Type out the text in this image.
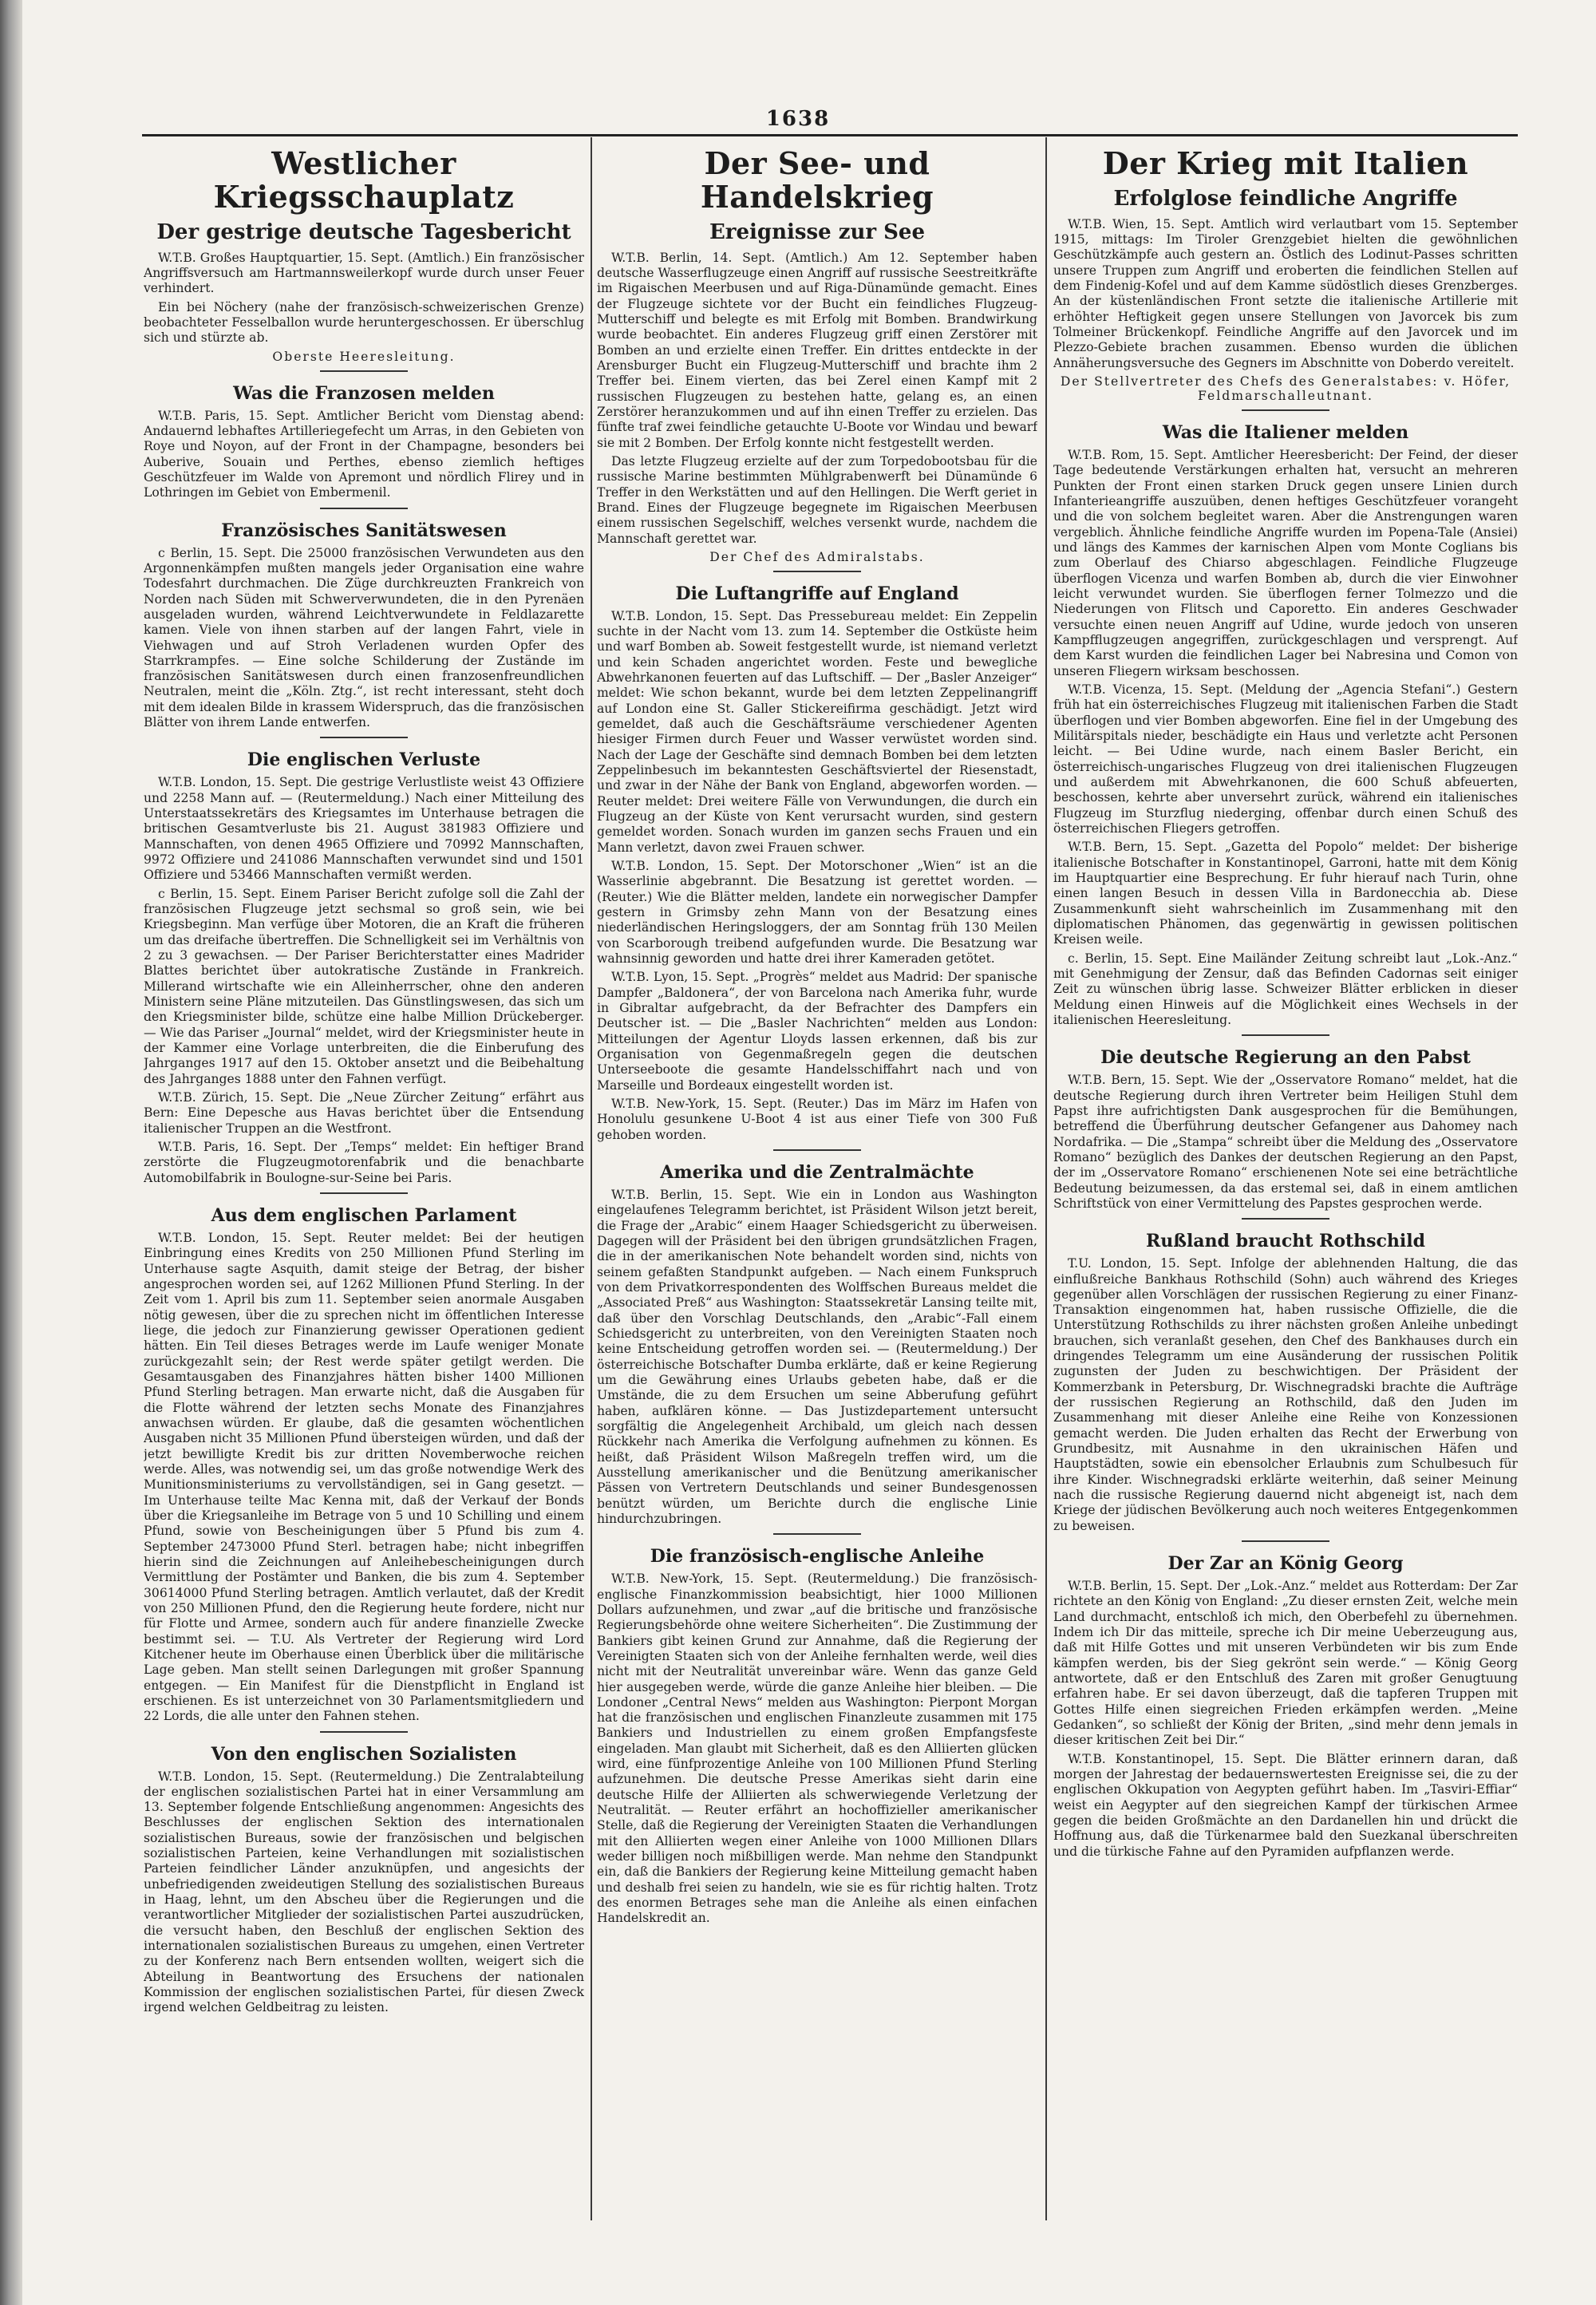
1638
Westlicher Kriegsschauplatz
Der gestrige deutsche Tagesbericht

W.T.B. Großes Hauptquartier, 15. Sept. (Amtlich.) Ein französischer Angriffsversuch am Hartmannsweilerkopf wurde durch unser Feuer verhindert.

Ein bei Nöchery (nahe der französisch-schweizerischen Grenze) beobachteter Fesselballon wurde heruntergeschossen. Er überschlug sich und stürzte ab.

Oberste Heeresleitung.
Was die Franzosen melden

W.T.B. Paris, 15. Sept. Amtlicher Bericht vom Dienstag abend: Andauernd lebhaftes Artilleriegefecht um Arras, in den Gebieten von Roye und Noyon, auf der Front in der Champagne, besonders bei Auberive, Souain und Perthes, ebenso ziemlich heftiges Geschützfeuer im Walde von Apremont und nördlich Flirey und in Lothringen im Gebiet von Embermenil.

Französisches Sanitätswesen

c Berlin, 15. Sept. Die 25000 französischen Verwundeten aus den Argonnenkämpfen mußten mangels jeder Organisation eine wahre Todesfahrt durchmachen. Die Züge durchkreuzten Frankreich von Norden nach Süden mit Schwerverwundeten, die in den Pyrenäen ausgeladen wurden, während Leichtverwundete in Feldlazarette kamen. Viele von ihnen starben auf der langen Fahrt, viele in Viehwagen und auf Stroh Verladenen wurden Opfer des Starrkrampfes. — Eine solche Schilderung der Zustände im französischen Sanitätswesen durch einen franzosenfreundlichen Neutralen, meint die „Köln. Ztg.“, ist recht interessant, steht doch mit dem idealen Bilde in krassem Widerspruch, das die französischen Blätter von ihrem Lande entwerfen.

Die englischen Verluste

W.T.B. London, 15. Sept. Die gestrige Verlustliste weist 43 Offiziere und 2258 Mann auf. — (Reutermeldung.) Nach einer Mitteilung des Unterstaatssekretärs des Kriegsamtes im Unterhause betragen die britischen Gesamtverluste bis 21. August 381983 Offiziere und Mannschaften, von denen 4965 Offiziere und 70992 Mannschaften, 9972 Offiziere und 241086 Mannschaften verwundet sind und 1501 Offiziere und 53466 Mannschaften vermißt werden.

c Berlin, 15. Sept. Einem Pariser Bericht zufolge soll die Zahl der französischen Flugzeuge jetzt sechsmal so groß sein, wie bei Kriegsbeginn. Man verfüge über Motoren, die an Kraft die früheren um das dreifache übertreffen. Die Schnelligkeit sei im Verhältnis von 2 zu 3 gewachsen. — Der Pariser Berichterstatter eines Madrider Blattes berichtet über autokratische Zustände in Frankreich. Millerand wirtschafte wie ein Alleinherrscher, ohne den anderen Ministern seine Pläne mitzuteilen. Das Günstlingswesen, das sich um den Kriegsminister bilde, schütze eine halbe Million Drückeberger. — Wie das Pariser „Journal“ meldet, wird der Kriegsminister heute in der Kammer eine Vorlage unterbreiten, die die Einberufung des Jahrganges 1917 auf den 15. Oktober ansetzt und die Beibehaltung des Jahrganges 1888 unter den Fahnen verfügt.

W.T.B. Zürich, 15. Sept. Die „Neue Zürcher Zeitung“ erfährt aus Bern: Eine Depesche aus Havas berichtet über die Entsendung italienischer Truppen an die Westfront.

W.T.B. Paris, 16. Sept. Der „Temps“ meldet: Ein heftiger Brand zerstörte die Flugzeugmotorenfabrik und die benachbarte Automobilfabrik in Boulogne-sur-Seine bei Paris.

Aus dem englischen Parlament

W.T.B. London, 15. Sept. Reuter meldet: Bei der heutigen Einbringung eines Kredits von 250 Millionen Pfund Sterling im Unterhause sagte Asquith, damit steige der Betrag, der bisher angesprochen worden sei, auf 1262 Millionen Pfund Sterling. In der Zeit vom 1. April bis zum 11. September seien anormale Ausgaben nötig gewesen, über die zu sprechen nicht im öffentlichen Interesse liege, die jedoch zur Finanzierung gewisser Operationen gedient hätten. Ein Teil dieses Betrages werde im Laufe weniger Monate zurückgezahlt sein; der Rest werde später getilgt werden. Die Gesamtausgaben des Finanzjahres hätten bisher 1400 Millionen Pfund Sterling betragen. Man erwarte nicht, daß die Ausgaben für die Flotte während der letzten sechs Monate des Finanzjahres anwachsen würden. Er glaube, daß die gesamten wöchentlichen Ausgaben nicht 35 Millionen Pfund übersteigen würden, und daß der jetzt bewilligte Kredit bis zur dritten Novemberwoche reichen werde. Alles, was notwendig sei, um das große notwendige Werk des Munitionsministeriums zu vervollständigen, sei in Gang gesetzt. — Im Unterhause teilte Mac Kenna mit, daß der Verkauf der Bonds über die Kriegsanleihe im Betrage von 5 und 10 Schilling und einem Pfund, sowie von Bescheinigungen über 5 Pfund bis zum 4. September 2473000 Pfund Sterl. betragen habe; nicht inbegriffen hierin sind die Zeichnungen auf Anleihebescheinigungen durch Vermittlung der Postämter und Banken, die bis zum 4. September 30614000 Pfund Sterling betragen. Amtlich verlautet, daß der Kredit von 250 Millionen Pfund, den die Regierung heute fordere, nicht nur für Flotte und Armee, sondern auch für andere finanzielle Zwecke bestimmt sei. — T.U. Als Vertreter der Regierung wird Lord Kitchener heute im Oberhause einen Überblick über die militärische Lage geben. Man stellt seinen Darlegungen mit großer Spannung entgegen. — Ein Manifest für die Dienstpflicht in England ist erschienen. Es ist unterzeichnet von 30 Parlamentsmitgliedern und 22 Lords, die alle unter den Fahnen stehen.

Von den englischen Sozialisten

W.T.B. London, 15. Sept. (Reutermeldung.) Die Zentralabteilung der englischen sozialistischen Partei hat in einer Versammlung am 13. September folgende Entschließung angenommen: Angesichts des Beschlusses der englischen Sektion des internationalen sozialistischen Bureaus, sowie der französischen und belgischen sozialistischen Parteien, keine Verhandlungen mit sozialistischen Parteien feindlicher Länder anzuknüpfen, und angesichts der unbefriedigenden zweideutigen Stellung des sozialistischen Bureaus in Haag, lehnt, um den Abscheu über die Regierungen und die verantwortlicher Mitglieder der sozialistischen Partei auszudrücken, die versucht haben, den Beschluß der englischen Sektion des internationalen sozialistischen Bureaus zu umgehen, einen Vertreter zu der Konferenz nach Bern entsenden wollten, weigert sich die Abteilung in Beantwortung des Ersuchens der nationalen Kommission der englischen sozialistischen Partei, für diesen Zweck irgend welchen Geldbeitrag zu leisten.

Der See- und Handelskrieg
Ereignisse zur See

W.T.B. Berlin, 14. Sept. (Amtlich.) Am 12. September haben deutsche Wasserflugzeuge einen Angriff auf russische Seestreitkräfte im Rigaischen Meerbusen und auf Riga-Dünamünde gemacht. Eines der Flugzeuge sichtete vor der Bucht ein feindliches Flugzeug-Mutterschiff und belegte es mit Erfolg mit Bomben. Brandwirkung wurde beobachtet. Ein anderes Flugzeug griff einen Zerstörer mit Bomben an und erzielte einen Treffer. Ein drittes entdeckte in der Arensburger Bucht ein Flugzeug-Mutterschiff und brachte ihm 2 Treffer bei. Einem vierten, das bei Zerel einen Kampf mit 2 russischen Flugzeugen zu bestehen hatte, gelang es, an einen Zerstörer heranzukommen und auf ihn einen Treffer zu erzielen. Das fünfte traf zwei feindliche getauchte U-Boote vor Windau und bewarf sie mit 2 Bomben. Der Erfolg konnte nicht festgestellt werden.

Das letzte Flugzeug erzielte auf der zum Torpedobootsbau für die russische Marine bestimmten Mühlgrabenwerft bei Dünamünde 6 Treffer in den Werkstätten und auf den Hellingen. Die Werft geriet in Brand. Eines der Flugzeuge begegnete im Rigaischen Meerbusen einem russischen Segelschiff, welches versenkt wurde, nachdem die Mannschaft gerettet war.

Der Chef des Admiralstabs.
Die Luftangriffe auf England

W.T.B. London, 15. Sept. Das Pressebureau meldet: Ein Zeppelin suchte in der Nacht vom 13. zum 14. September die Ostküste heim und warf Bomben ab. Soweit festgestellt wurde, ist niemand verletzt und kein Schaden angerichtet worden. Feste und bewegliche Abwehrkanonen feuerten auf das Luftschiff. — Der „Basler Anzeiger“ meldet: Wie schon bekannt, wurde bei dem letzten Zeppelinangriff auf London eine St. Galler Stickereifirma geschädigt. Jetzt wird gemeldet, daß auch die Geschäftsräume verschiedener Agenten hiesiger Firmen durch Feuer und Wasser verwüstet worden sind. Nach der Lage der Geschäfte sind demnach Bomben bei dem letzten Zeppelinbesuch im bekanntesten Geschäftsviertel der Riesenstadt, und zwar in der Nähe der Bank von England, abgeworfen worden. — Reuter meldet: Drei weitere Fälle von Verwundungen, die durch ein Flugzeug an der Küste von Kent verursacht wurden, sind gestern gemeldet worden. Sonach wurden im ganzen sechs Frauen und ein Mann verletzt, davon zwei Frauen schwer.

W.T.B. London, 15. Sept. Der Motorschoner „Wien“ ist an die Wasserlinie abgebrannt. Die Besatzung ist gerettet worden. — (Reuter.) Wie die Blätter melden, landete ein norwegischer Dampfer gestern in Grimsby zehn Mann von der Besatzung eines niederländischen Heringsloggers, der am Sonntag früh 130 Meilen von Scarborough treibend aufgefunden wurde. Die Besatzung war wahnsinnig geworden und hatte drei ihrer Kameraden getötet.

W.T.B. Lyon, 15. Sept. „Progrès“ meldet aus Madrid: Der spanische Dampfer „Baldonera“, der von Barcelona nach Amerika fuhr, wurde in Gibraltar aufgebracht, da der Befrachter des Dampfers ein Deutscher ist. — Die „Basler Nachrichten“ melden aus London: Mitteilungen der Agentur Lloyds lassen erkennen, daß bis zur Organisation von Gegenmaßregeln gegen die deutschen Unterseeboote die gesamte Handelsschiffahrt nach und von Marseille und Bordeaux eingestellt worden ist.

W.T.B. New-York, 15. Sept. (Reuter.) Das im März im Hafen von Honolulu gesunkene U-Boot 4 ist aus einer Tiefe von 300 Fuß gehoben worden.

Amerika und die Zentralmächte

W.T.B. Berlin, 15. Sept. Wie ein in London aus Washington eingelaufenes Telegramm berichtet, ist Präsident Wilson jetzt bereit, die Frage der „Arabic“ einem Haager Schiedsgericht zu überweisen. Dagegen will der Präsident bei den übrigen grundsätzlichen Fragen, die in der amerikanischen Note behandelt worden sind, nichts von seinem gefaßten Standpunkt aufgeben. — Nach einem Funkspruch von dem Privatkorrespondenten des Wolffschen Bureaus meldet die „Associated Preß“ aus Washington: Staatssekretär Lansing teilte mit, daß über den Vorschlag Deutschlands, den „Arabic“-Fall einem Schiedsgericht zu unterbreiten, von den Vereinigten Staaten noch keine Entscheidung getroffen worden sei. — (Reutermeldung.) Der österreichische Botschafter Dumba erklärte, daß er keine Regierung um die Gewährung eines Urlaubs gebeten habe, daß er die Umstände, die zu dem Ersuchen um seine Abberufung geführt haben, aufklären könne. — Das Justizdepartement untersucht sorgfältig die Angelegenheit Archibald, um gleich nach dessen Rückkehr nach Amerika die Verfolgung aufnehmen zu können. Es heißt, daß Präsident Wilson Maßregeln treffen wird, um die Ausstellung amerikanischer und die Benützung amerikanischer Pässen von Vertretern Deutschlands und seiner Bundesgenossen benützt würden, um Berichte durch die englische Linie hindurchzubringen.

Die französisch-englische Anleihe

W.T.B. New-York, 15. Sept. (Reutermeldung.) Die französisch-englische Finanzkommission beabsichtigt, hier 1000 Millionen Dollars aufzunehmen, und zwar „auf die britische und französische Regierungsbehörde ohne weitere Sicherheiten“. Die Zustimmung der Bankiers gibt keinen Grund zur Annahme, daß die Regierung der Vereinigten Staaten sich von der Anleihe fernhalten werde, weil dies nicht mit der Neutralität unvereinbar wäre. Wenn das ganze Geld hier ausgegeben werde, würde die ganze Anleihe hier bleiben. — Die Londoner „Central News“ melden aus Washington: Pierpont Morgan hat die französischen und englischen Finanzleute zusammen mit 175 Bankiers und Industriellen zu einem großen Empfangsfeste eingeladen. Man glaubt mit Sicherheit, daß es den Alliierten glücken wird, eine fünfprozentige Anleihe von 100 Millionen Pfund Sterling aufzunehmen. Die deutsche Presse Amerikas sieht darin eine deutsche Hilfe der Alliierten als schwerwiegende Verletzung der Neutralität. — Reuter erfährt an hochoffizieller amerikanischer Stelle, daß die Regierung der Vereinigten Staaten die Verhandlungen mit den Alliierten wegen einer Anleihe von 1000 Millionen Dllars weder billigen noch mißbilligen werde. Man nehme den Standpunkt ein, daß die Bankiers der Regierung keine Mitteilung gemacht haben und deshalb frei seien zu handeln, wie sie es für richtig halten. Trotz des enormen Betrages sehe man die Anleihe als einen einfachen Handelskredit an.

Der Krieg mit Italien
Erfolglose feindliche Angriffe

W.T.B. Wien, 15. Sept. Amtlich wird verlautbart vom 15. September 1915, mittags: Im Tiroler Grenzgebiet hielten die gewöhnlichen Geschützkämpfe auch gestern an. Östlich des Lodinut-Passes schritten unsere Truppen zum Angriff und eroberten die feindlichen Stellen auf dem Findenig-Kofel und auf dem Kamme südöstlich dieses Grenzberges. An der küstenländischen Front setzte die italienische Artillerie mit erhöhter Heftigkeit gegen unsere Stellungen von Javorcek bis zum Tolmeiner Brückenkopf. Feindliche Angriffe auf den Javorcek und im Plezzo-Gebiete brachen zusammen. Ebenso wurden die üblichen Annäherungsversuche des Gegners im Abschnitte von Doberdo vereitelt.

Der Stellvertreter des Chefs des Generalstabes: v. Höfer, Feldmarschalleutnant.
Was die Italiener melden

W.T.B. Rom, 15. Sept. Amtlicher Heeresbericht: Der Feind, der dieser Tage bedeutende Verstärkungen erhalten hat, versucht an mehreren Punkten der Front einen starken Druck gegen unsere Linien durch Infanterieangriffe auszuüben, denen heftiges Geschützfeuer vorangeht und die von solchem begleitet waren. Aber die Anstrengungen waren vergeblich. Ähnliche feindliche Angriffe wurden im Popena-Tale (Ansiei) und längs des Kammes der karnischen Alpen vom Monte Coglians bis zum Oberlauf des Chiarso abgeschlagen. Feindliche Flugzeuge überflogen Vicenza und warfen Bomben ab, durch die vier Einwohner leicht verwundet wurden. Sie überflogen ferner Tolmezzo und die Niederungen von Flitsch und Caporetto. Ein anderes Geschwader versuchte einen neuen Angriff auf Udine, wurde jedoch von unseren Kampfflugzeugen angegriffen, zurückgeschlagen und versprengt. Auf dem Karst wurden die feindlichen Lager bei Nabresina und Comon von unseren Fliegern wirksam beschossen.

W.T.B. Vicenza, 15. Sept. (Meldung der „Agencia Stefani“.) Gestern früh hat ein österreichisches Flugzeug mit italienischen Farben die Stadt überflogen und vier Bomben abgeworfen. Eine fiel in der Umgebung des Militärspitals nieder, beschädigte ein Haus und verletzte acht Personen leicht. — Bei Udine wurde, nach einem Basler Bericht, ein österreichisch-ungarisches Flugzeug von drei italienischen Flugzeugen und außerdem mit Abwehrkanonen, die 600 Schuß abfeuerten, beschossen, kehrte aber unversehrt zurück, während ein italienisches Flugzeug im Sturzflug niederging, offenbar durch einen Schuß des österreichischen Fliegers getroffen.

W.T.B. Bern, 15. Sept. „Gazetta del Popolo“ meldet: Der bisherige italienische Botschafter in Konstantinopel, Garroni, hatte mit dem König im Hauptquartier eine Besprechung. Er fuhr hierauf nach Turin, ohne einen langen Besuch in dessen Villa in Bardonecchia ab. Diese Zusammenkunft sieht wahrscheinlich im Zusammenhang mit den diplomatischen Phänomen, das gegenwärtig in gewissen politischen Kreisen weile.

c. Berlin, 15. Sept. Eine Mailänder Zeitung schreibt laut „Lok.-Anz.“ mit Genehmigung der Zensur, daß das Befinden Cadornas seit einiger Zeit zu wünschen übrig lasse. Schweizer Blätter erblicken in dieser Meldung einen Hinweis auf die Möglichkeit eines Wechsels in der italienischen Heeresleitung.

Die deutsche Regierung an den Pabst

W.T.B. Bern, 15. Sept. Wie der „Osservatore Romano“ meldet, hat die deutsche Regierung durch ihren Vertreter beim Heiligen Stuhl dem Papst ihre aufrichtigsten Dank ausgesprochen für die Bemühungen, betreffend die Überführung deutscher Gefangener aus Dahomey nach Nordafrika. — Die „Stampa“ schreibt über die Meldung des „Osservatore Romano“ bezüglich des Dankes der deutschen Regierung an den Papst, der im „Osservatore Romano“ erschienenen Note sei eine beträchtliche Bedeutung beizumessen, da das erstemal sei, daß in einem amtlichen Schriftstück von einer Vermittelung des Papstes gesprochen werde.

Rußland braucht Rothschild

T.U. London, 15. Sept. Infolge der ablehnenden Haltung, die das einflußreiche Bankhaus Rothschild (Sohn) auch während des Krieges gegenüber allen Vorschlägen der russischen Regierung zu einer Finanz-Transaktion eingenommen hat, haben russische Offizielle, die die Unterstützung Rothschilds zu ihrer nächsten großen Anleihe unbedingt brauchen, sich veranlaßt gesehen, den Chef des Bankhauses durch ein dringendes Telegramm um eine Ausänderung der russischen Politik zugunsten der Juden zu beschwichtigen. Der Präsident der Kommerzbank in Petersburg, Dr. Wischnegradski brachte die Aufträge der russischen Regierung an Rothschild, daß den Juden im Zusammenhang mit dieser Anleihe eine Reihe von Konzessionen gemacht werden. Die Juden erhalten das Recht der Erwerbung von Grundbesitz, mit Ausnahme in den ukrainischen Häfen und Hauptstädten, sowie ein ebensolcher Erlaubnis zum Schulbesuch für ihre Kinder. Wischnegradski erklärte weiterhin, daß seiner Meinung nach die russische Regierung dauernd nicht abgeneigt ist, nach dem Kriege der jüdischen Bevölkerung auch noch weiteres Entgegenkommen zu beweisen.

Der Zar an König Georg

W.T.B. Berlin, 15. Sept. Der „Lok.-Anz.“ meldet aus Rotterdam: Der Zar richtete an den König von England: „Zu dieser ernsten Zeit, welche mein Land durchmacht, entschloß ich mich, den Oberbefehl zu übernehmen. Indem ich Dir das mitteile, spreche ich Dir meine Ueberzeugung aus, daß mit Hilfe Gottes und mit unseren Verbündeten wir bis zum Ende kämpfen werden, bis der Sieg gekrönt sein werde.“ — König Georg antwortete, daß er den Entschluß des Zaren mit großer Genugtuung erfahren habe. Er sei davon überzeugt, daß die tapferen Truppen mit Gottes Hilfe einen siegreichen Frieden erkämpfen werden. „Meine Gedanken“, so schließt der König der Briten, „sind mehr denn jemals in dieser kritischen Zeit bei Dir.“

W.T.B. Konstantinopel, 15. Sept. Die Blätter erinnern daran, daß morgen der Jahrestag der bedauernswertesten Ereignisse sei, die zu der englischen Okkupation von Aegypten geführt haben. Im „Tasviri-Effiar“ weist ein Aegypter auf den siegreichen Kampf der türkischen Armee gegen die beiden Großmächte an den Dardanellen hin und drückt die Hoffnung aus, daß die Türkenarmee bald den Suezkanal überschreiten und die türkische Fahne auf den Pyramiden aufpflanzen werde.
